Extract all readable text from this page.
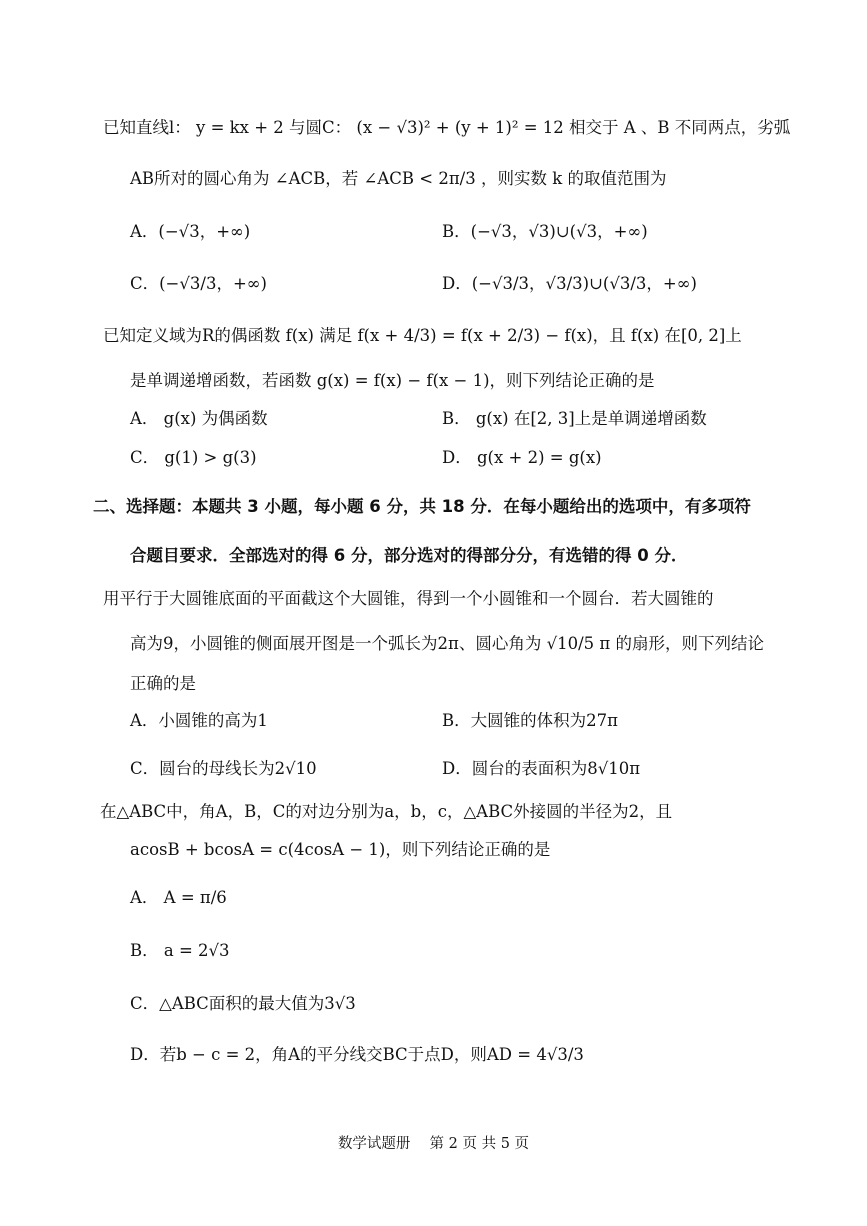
已知直线l： y = kx + 2 与圆C： (x − √3)² + (y + 1)² = 12 相交于 A 、B 不同两点，劣弧
AB所对的圆心角为 ∠ACB，若 ∠ACB < 2π/3 ，则实数 k 的取值范围为
A．(−√3，+∞)	B．(−√3，√3)∪(√3，+∞)
C．(−√3/3，+∞)	D．(−√3/3，√3/3)∪(√3/3，+∞)
已知定义域为R的偶函数 f(x) 满足 f(x + 4/3) = f(x + 2/3) − f(x)，且 f(x) 在[0, 2]上
是单调递增函数，若函数 g(x) = f(x) − f(x − 1)，则下列结论正确的是
A． g(x) 为偶函数	B． g(x) 在[2, 3]上是单调递增函数
C． g(1) > g(3)	D． g(x + 2) = g(x)
二、选择题：本题共 3 小题，每小题 6 分，共 18 分．在每小题给出的选项中，有多项符
合题目要求．全部选对的得 6 分，部分选对的得部分分，有选错的得 0 分．
用平行于大圆锥底面的平面截这个大圆锥，得到一个小圆锥和一个圆台．若大圆锥的
高为9，小圆锥的侧面展开图是一个弧长为2π、圆心角为 √10/5 π 的扇形，则下列结论
正确的是
A．小圆锥的高为1	B．大圆锥的体积为27π
C．圆台的母线长为2√10	D．圆台的表面积为8√10π
在△ABC中，角A，B，C的对边分别为a，b，c，△ABC外接圆的半径为2，且
acosB + bcosA = c(4cosA − 1)，则下列结论正确的是
A． A = π/6
B． a = 2√3
C．△ABC面积的最大值为3√3
D．若b − c = 2，角A的平分线交BC于点D，则AD = 4√3/3
数学试题册　 第 2 页 共 5 页
